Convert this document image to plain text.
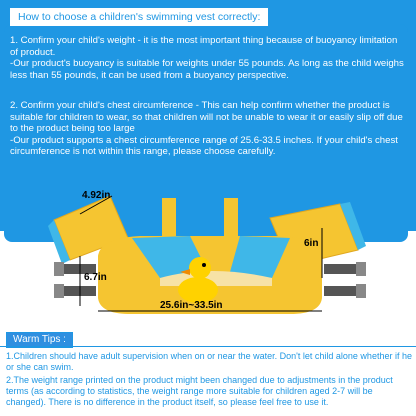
How to choose a children's swimming vest correctly:

1. Confirm your child's weight - it is the most important thing because of buoyancy limitation of product.

-Our product's buoyancy is suitable for weights under 55 pounds. As long as the child weighs less than 55 pounds, it can be used from a buoyancy perspective.

2. Confirm your child's chest circumference - This can help confirm whether the product is suitable for children to wear, so that children will not be unable to wear it or easily slip off due to the product being too large

-Our product supports a chest circumference range of 25.6-33.5 inches. If your child's chest circumference is not within this range, please choose carefully.

4.92in
6.7in
6in
25.6in~33.5in
Warm Tips :
1.Children should have adult supervision when on or near the water. Don't let child alone whether if he or she can swim.
2.The weight range printed on the product might been changed due to adjustments in the product terms (as according to statistics, the weight range more suitable for children aged 2-7 will be changed). There is no difference in the product itself, so please feel free to use it.
